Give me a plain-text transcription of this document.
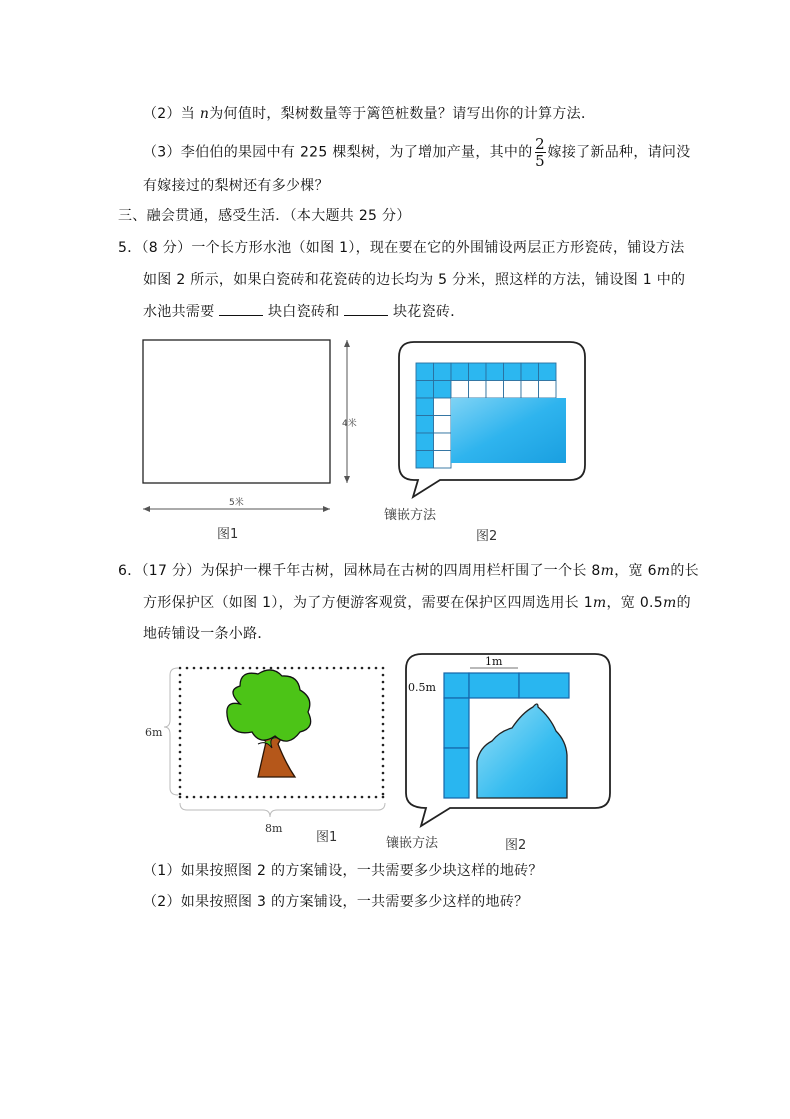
（2）当 n为何值时，梨树数量等于篱笆桩数量？请写出你的计算方法．
（3）李伯伯的果园中有 225 棵梨树，为了增加产量，其中的 $\frac{2}{5}$ 嫁接了新品种，请问没
有嫁接过的梨树还有多少棵？
三、融会贯通，感受生活．（本大题共 25 分）
5．（8 分）一个长方形水池（如图 1），现在要在它的外围铺设两层正方形瓷砖，铺设方法
如图 2 所示，如果白瓷砖和花瓷砖的边长均为 5 分米，照这样的方法，铺设图 1 中的
水池共需要	块白瓷砖和	块花瓷砖．
4米
5米
图1
镶嵌方法
图2
6．（17 分）为保护一棵千年古树，园林局在古树的四周用栏杆围了一个长 8m，宽 6m的长
方形保护区（如图 1），为了方便游客观赏，需要在保护区四周选用长 1m，宽 0.5m的
地砖铺设一条小路．
6m
8m
图1
1m
0.5m
镶嵌方法	图2
（1）如果按照图 2 的方案铺设，一共需要多少块这样的地砖？
（2）如果按照图 3 的方案铺设，一共需要多少这样的地砖？
